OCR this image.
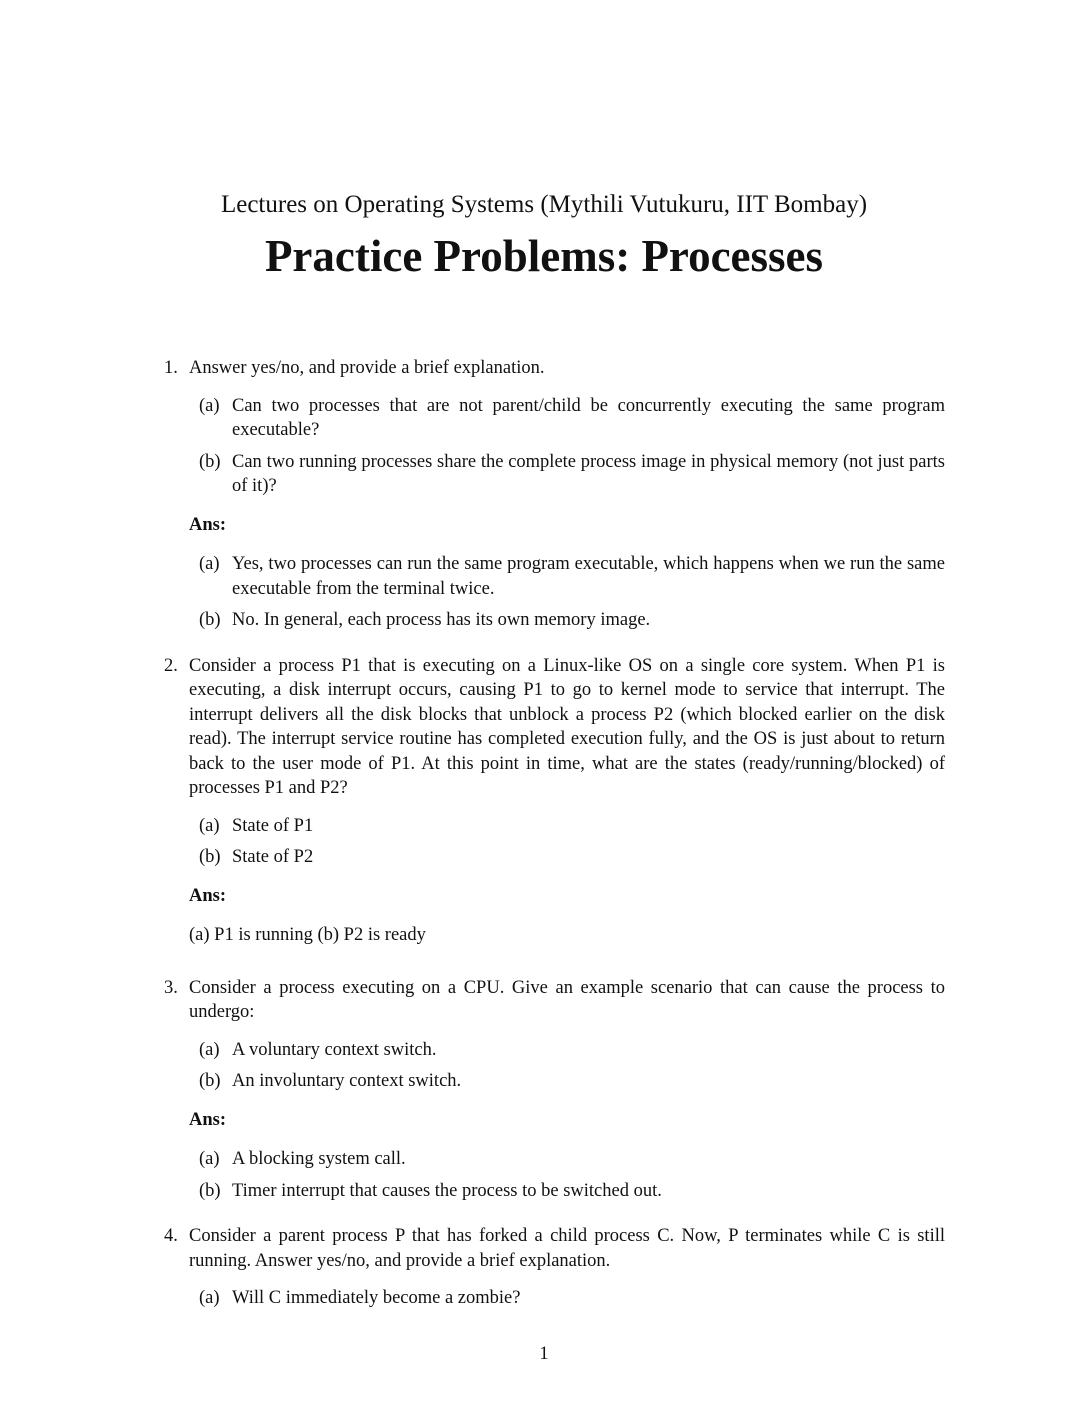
Lectures on Operating Systems (Mythili Vutukuru, IIT Bombay)
Practice Problems: Processes
1. Answer yes/no, and provide a brief explanation.

(a) Can two processes that are not parent/child be concurrently executing the same program executable?
(b) Can two running processes share the complete process image in physical memory (not just parts of it)?
Ans:
(a) Yes, two processes can run the same program executable, which happens when we run the same executable from the terminal twice.
(b) No. In general, each process has its own memory image.
2. Consider a process P1 that is executing on a Linux-like OS on a single core system. When P1 is executing, a disk interrupt occurs, causing P1 to go to kernel mode to service that interrupt. The interrupt delivers all the disk blocks that unblock a process P2 (which blocked earlier on the disk read). The interrupt service routine has completed execution fully, and the OS is just about to return back to the user mode of P1. At this point in time, what are the states (ready/running/blocked) of processes P1 and P2?

(a) State of P1
(b) State of P2
Ans:

(a) P1 is running (b) P2 is ready

3. Consider a process executing on a CPU. Give an example scenario that can cause the process to undergo:

(a) A voluntary context switch.
(b) An involuntary context switch.
Ans:
(a) A blocking system call.
(b) Timer interrupt that causes the process to be switched out.
4. Consider a parent process P that has forked a child process C. Now, P terminates while C is still running. Answer yes/no, and provide a brief explanation.

(a) Will C immediately become a zombie?
1
